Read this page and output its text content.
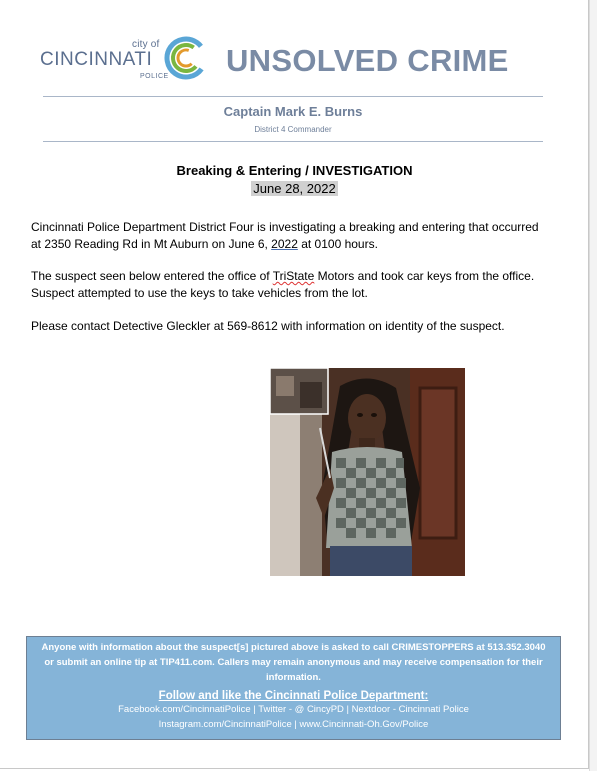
city of
CINCINNATI
POLICE UNSOLVED CRIME
Captain Mark E. Burns
District 4 Commander
Breaking & Entering / INVESTIGATION
June 28, 2022
Cincinnati Police Department District Four is investigating a breaking and entering that occurred at 2350 Reading Rd in Mt Auburn on June 6, 2022 at 0100 hours.
The suspect seen below entered the office of TriState Motors and took car keys from the office. Suspect attempted to use the keys to take vehicles from the lot.
Please contact Detective Gleckler at 569-8612 with information on identity of the suspect.
Anyone with information about the suspect[s] pictured above is asked to call CRIMESTOPPERS at 513.352.3040 or submit an online tip at TIP411.com. Callers may remain anonymous and may receive compensation for their information.
Follow and like the Cincinnati Police Department:
Facebook.com/CincinnatiPolice | Twitter - @ CincyPD | Nextdoor - Cincinnati Police
Instagram.com/CincinnatiPolice | www.Cincinnati-Oh.Gov/Police
